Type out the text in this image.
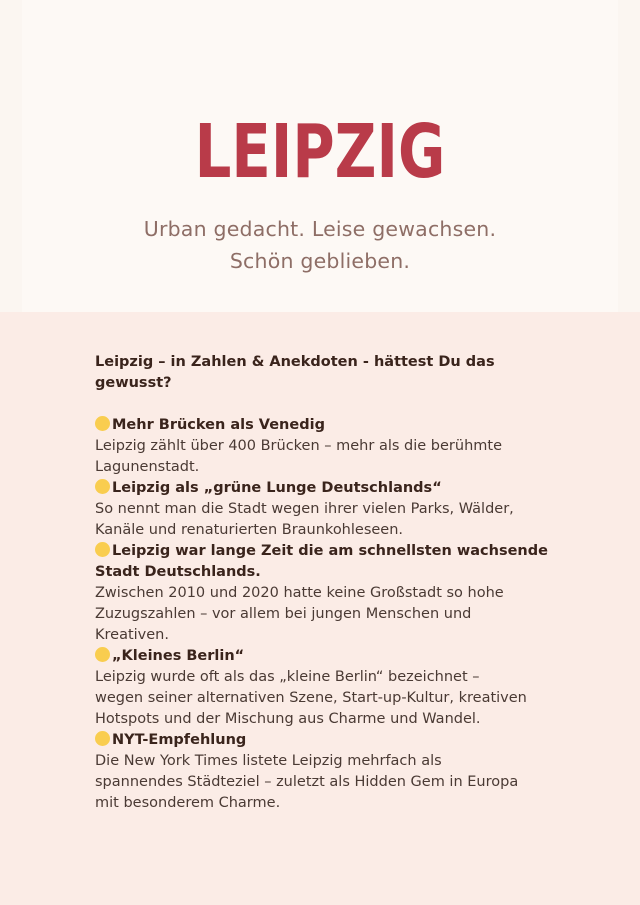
LEIPZIG
Urban gedacht. Leise gewachsen.
Schön geblieben.
Leipzig – in Zahlen & Anekdoten - hättest Du das
gewusst?
Mehr Brücken als Venedig
Leipzig zählt über 400 Brücken – mehr als die berühmte
Lagunenstadt.
Leipzig als „grüne Lunge Deutschlands“
So nennt man die Stadt wegen ihrer vielen Parks, Wälder,
Kanäle und renaturierten Braunkohleseen.
Leipzig war lange Zeit die am schnellsten wachsende
Stadt Deutschlands.
Zwischen 2010 und 2020 hatte keine Großstadt so hohe
Zuzugszahlen – vor allem bei jungen Menschen und
Kreativen.
„Kleines Berlin“
Leipzig wurde oft als das „kleine Berlin“ bezeichnet –
wegen seiner alternativen Szene, Start-up-Kultur, kreativen
Hotspots und der Mischung aus Charme und Wandel.
NYT-Empfehlung
Die New York Times listete Leipzig mehrfach als
spannendes Städteziel – zuletzt als Hidden Gem in Europa
mit besonderem Charme.
